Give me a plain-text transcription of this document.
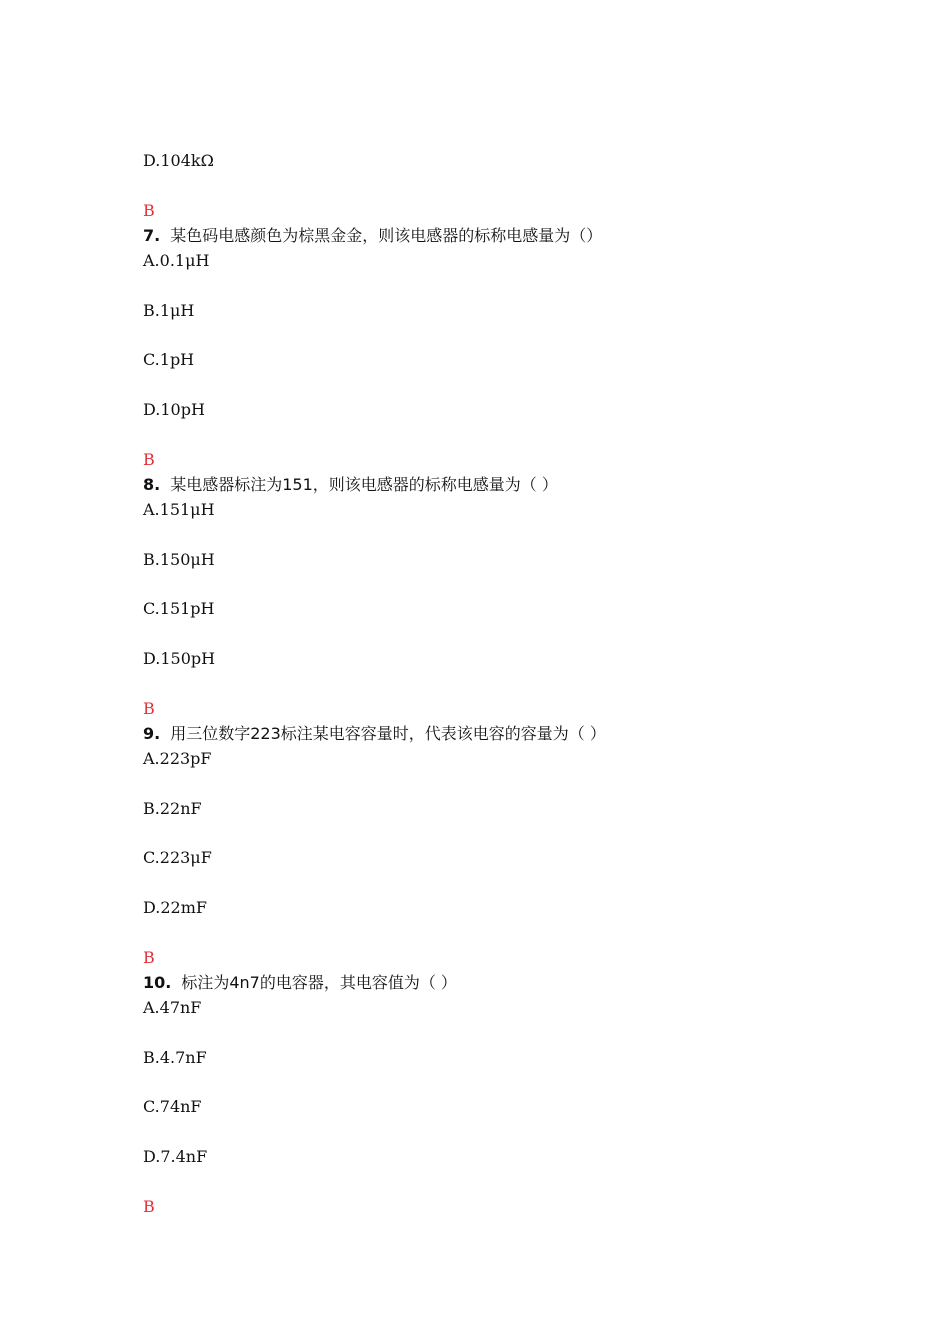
D.104kΩ
B
7. 某色码电感颜色为棕黑金金，则该电感器的标称电感量为（）
A.0.1μH
B.1μH
C.1pH
D.10pH
B
8. 某电感器标注为151，则该电感器的标称电感量为（ ）
A.151μH
B.150μH
C.151pH
D.150pH
B
9. 用三位数字223标注某电容容量时，代表该电容的容量为（ ）
A.223pF
B.22nF
C.223μF
D.22mF
B
10. 标注为4n7的电容器，其电容值为（ ）
A.47nF
B.4.7nF
C.74nF
D.7.4nF
B
